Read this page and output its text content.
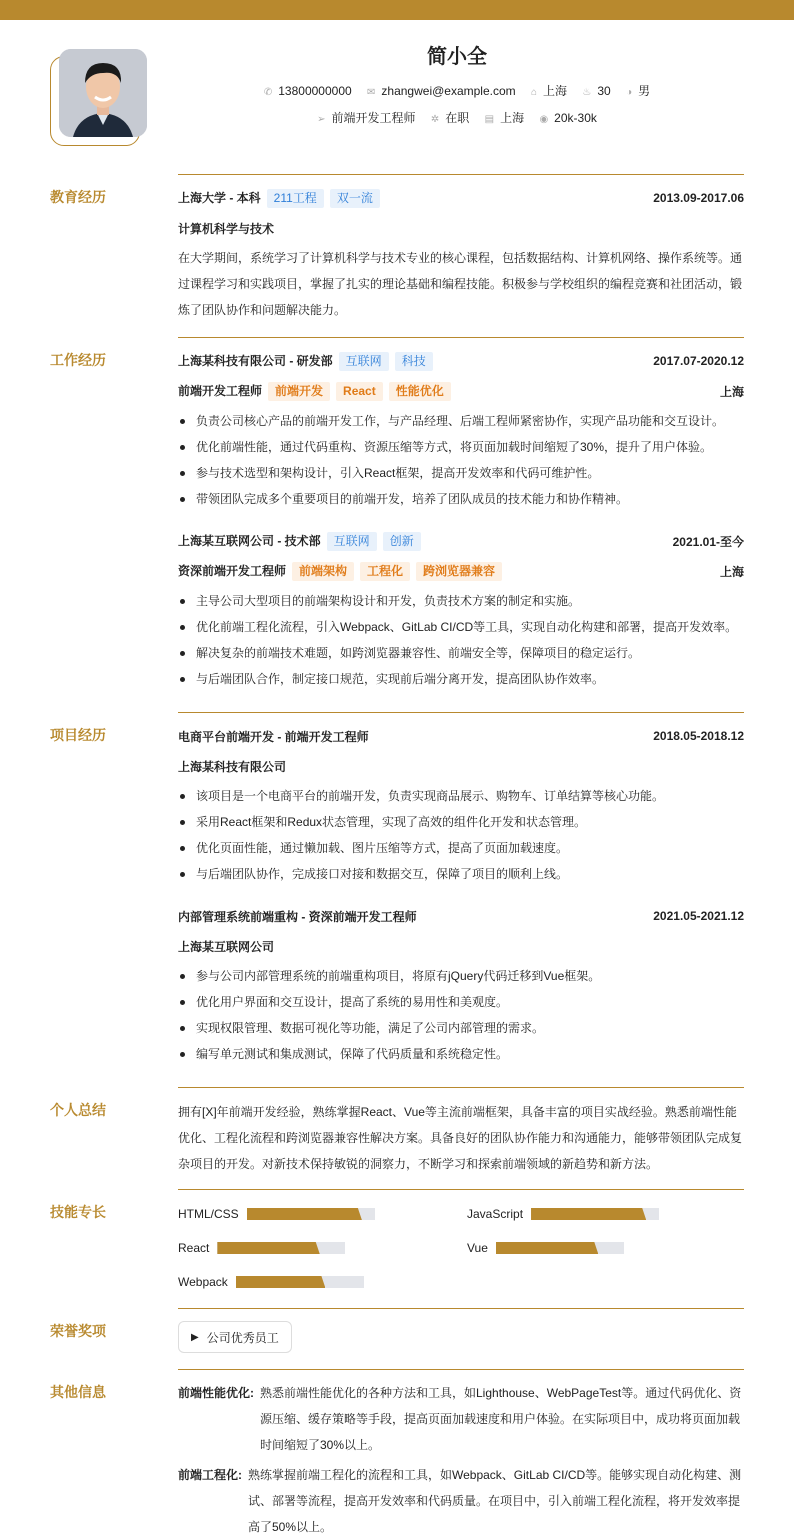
简小全
✆ 13800000000 ✉ zhangwei@example.com ⌂ 上海 ♨ 30 ◑ 男
➢ 前端开发工程师 ✲ 在职 ▤ 上海 ◉ 20k-30k
教育经历	上海大学 - 本科 211工程 双一流	2013.09-2017.06
计算机科学与技术
在大学期间，系统学习了计算机科学与技术专业的核心课程，包括数据结构、计算机网络、操作系统等。通过课程学习和实践项目，掌握了扎实的理论基础和编程技能。积极参与学校组织的编程竞赛和社团活动，锻炼了团队协作和问题解决能力。
工作经历	上海某科技有限公司 - 研发部 互联网 科技	2017.07-2020.12
前端开发工程师 前端开发 React 性能优化	上海
负责公司核心产品的前端开发工作，与产品经理、后端工程师紧密协作，实现产品功能和交互设计。
优化前端性能，通过代码重构、资源压缩等方式，将页面加载时间缩短了30%，提升了用户体验。
参与技术选型和架构设计，引入React框架，提高开发效率和代码可维护性。
带领团队完成多个重要项目的前端开发，培养了团队成员的技术能力和协作精神。
上海某互联网公司 - 技术部 互联网 创新	2021.01-至今
资深前端开发工程师 前端架构 工程化 跨浏览器兼容	上海
主导公司大型项目的前端架构设计和开发，负责技术方案的制定和实施。
优化前端工程化流程，引入Webpack、GitLab CI/CD等工具，实现自动化构建和部署，提高开发效率。
解决复杂的前端技术难题，如跨浏览器兼容性、前端安全等，保障项目的稳定运行。
与后端团队合作，制定接口规范，实现前后端分离开发，提高团队协作效率。
项目经历	电商平台前端开发 - 前端开发工程师	2018.05-2018.12
上海某科技有限公司
该项目是一个电商平台的前端开发，负责实现商品展示、购物车、订单结算等核心功能。
采用React框架和Redux状态管理，实现了高效的组件化开发和状态管理。
优化页面性能，通过懒加载、图片压缩等方式，提高了页面加载速度。
与后端团队协作，完成接口对接和数据交互，保障了项目的顺利上线。
内部管理系统前端重构 - 资深前端开发工程师	2021.05-2021.12
上海某互联网公司
参与公司内部管理系统的前端重构项目，将原有jQuery代码迁移到Vue框架。
优化用户界面和交互设计，提高了系统的易用性和美观度。
实现权限管理、数据可视化等功能，满足了公司内部管理的需求。
编写单元测试和集成测试，保障了代码质量和系统稳定性。
个人总结	拥有[X]年前端开发经验，熟练掌握React、Vue等主流前端框架，具备丰富的项目实战经验。熟悉前端性能优化、工程化流程和跨浏览器兼容性解决方案。具备良好的团队协作能力和沟通能力，能够带领团队完成复杂项目的开发。对新技术保持敏锐的洞察力，不断学习和探索前端领域的新趋势和新方法。
技能专长	HTML/CSS	JavaScript
React	Vue
Webpack
荣誉奖项	▶ 公司优秀员工
其他信息	前端性能优化: 熟悉前端性能优化的各种方法和工具，如Lighthouse、WebPageTest等。通过代码优化、资源压缩、缓存策略等手段，提高页面加载速度和用户体验。在实际项目中，成功将页面加载时间缩短了30%以上。
前端工程化: 熟练掌握前端工程化的流程和工具，如Webpack、GitLab CI/CD等。能够实现自动化构建、测试、部署等流程，提高开发效率和代码质量。在项目中，引入前端工程化流程，将开发效率提高了50%以上。
